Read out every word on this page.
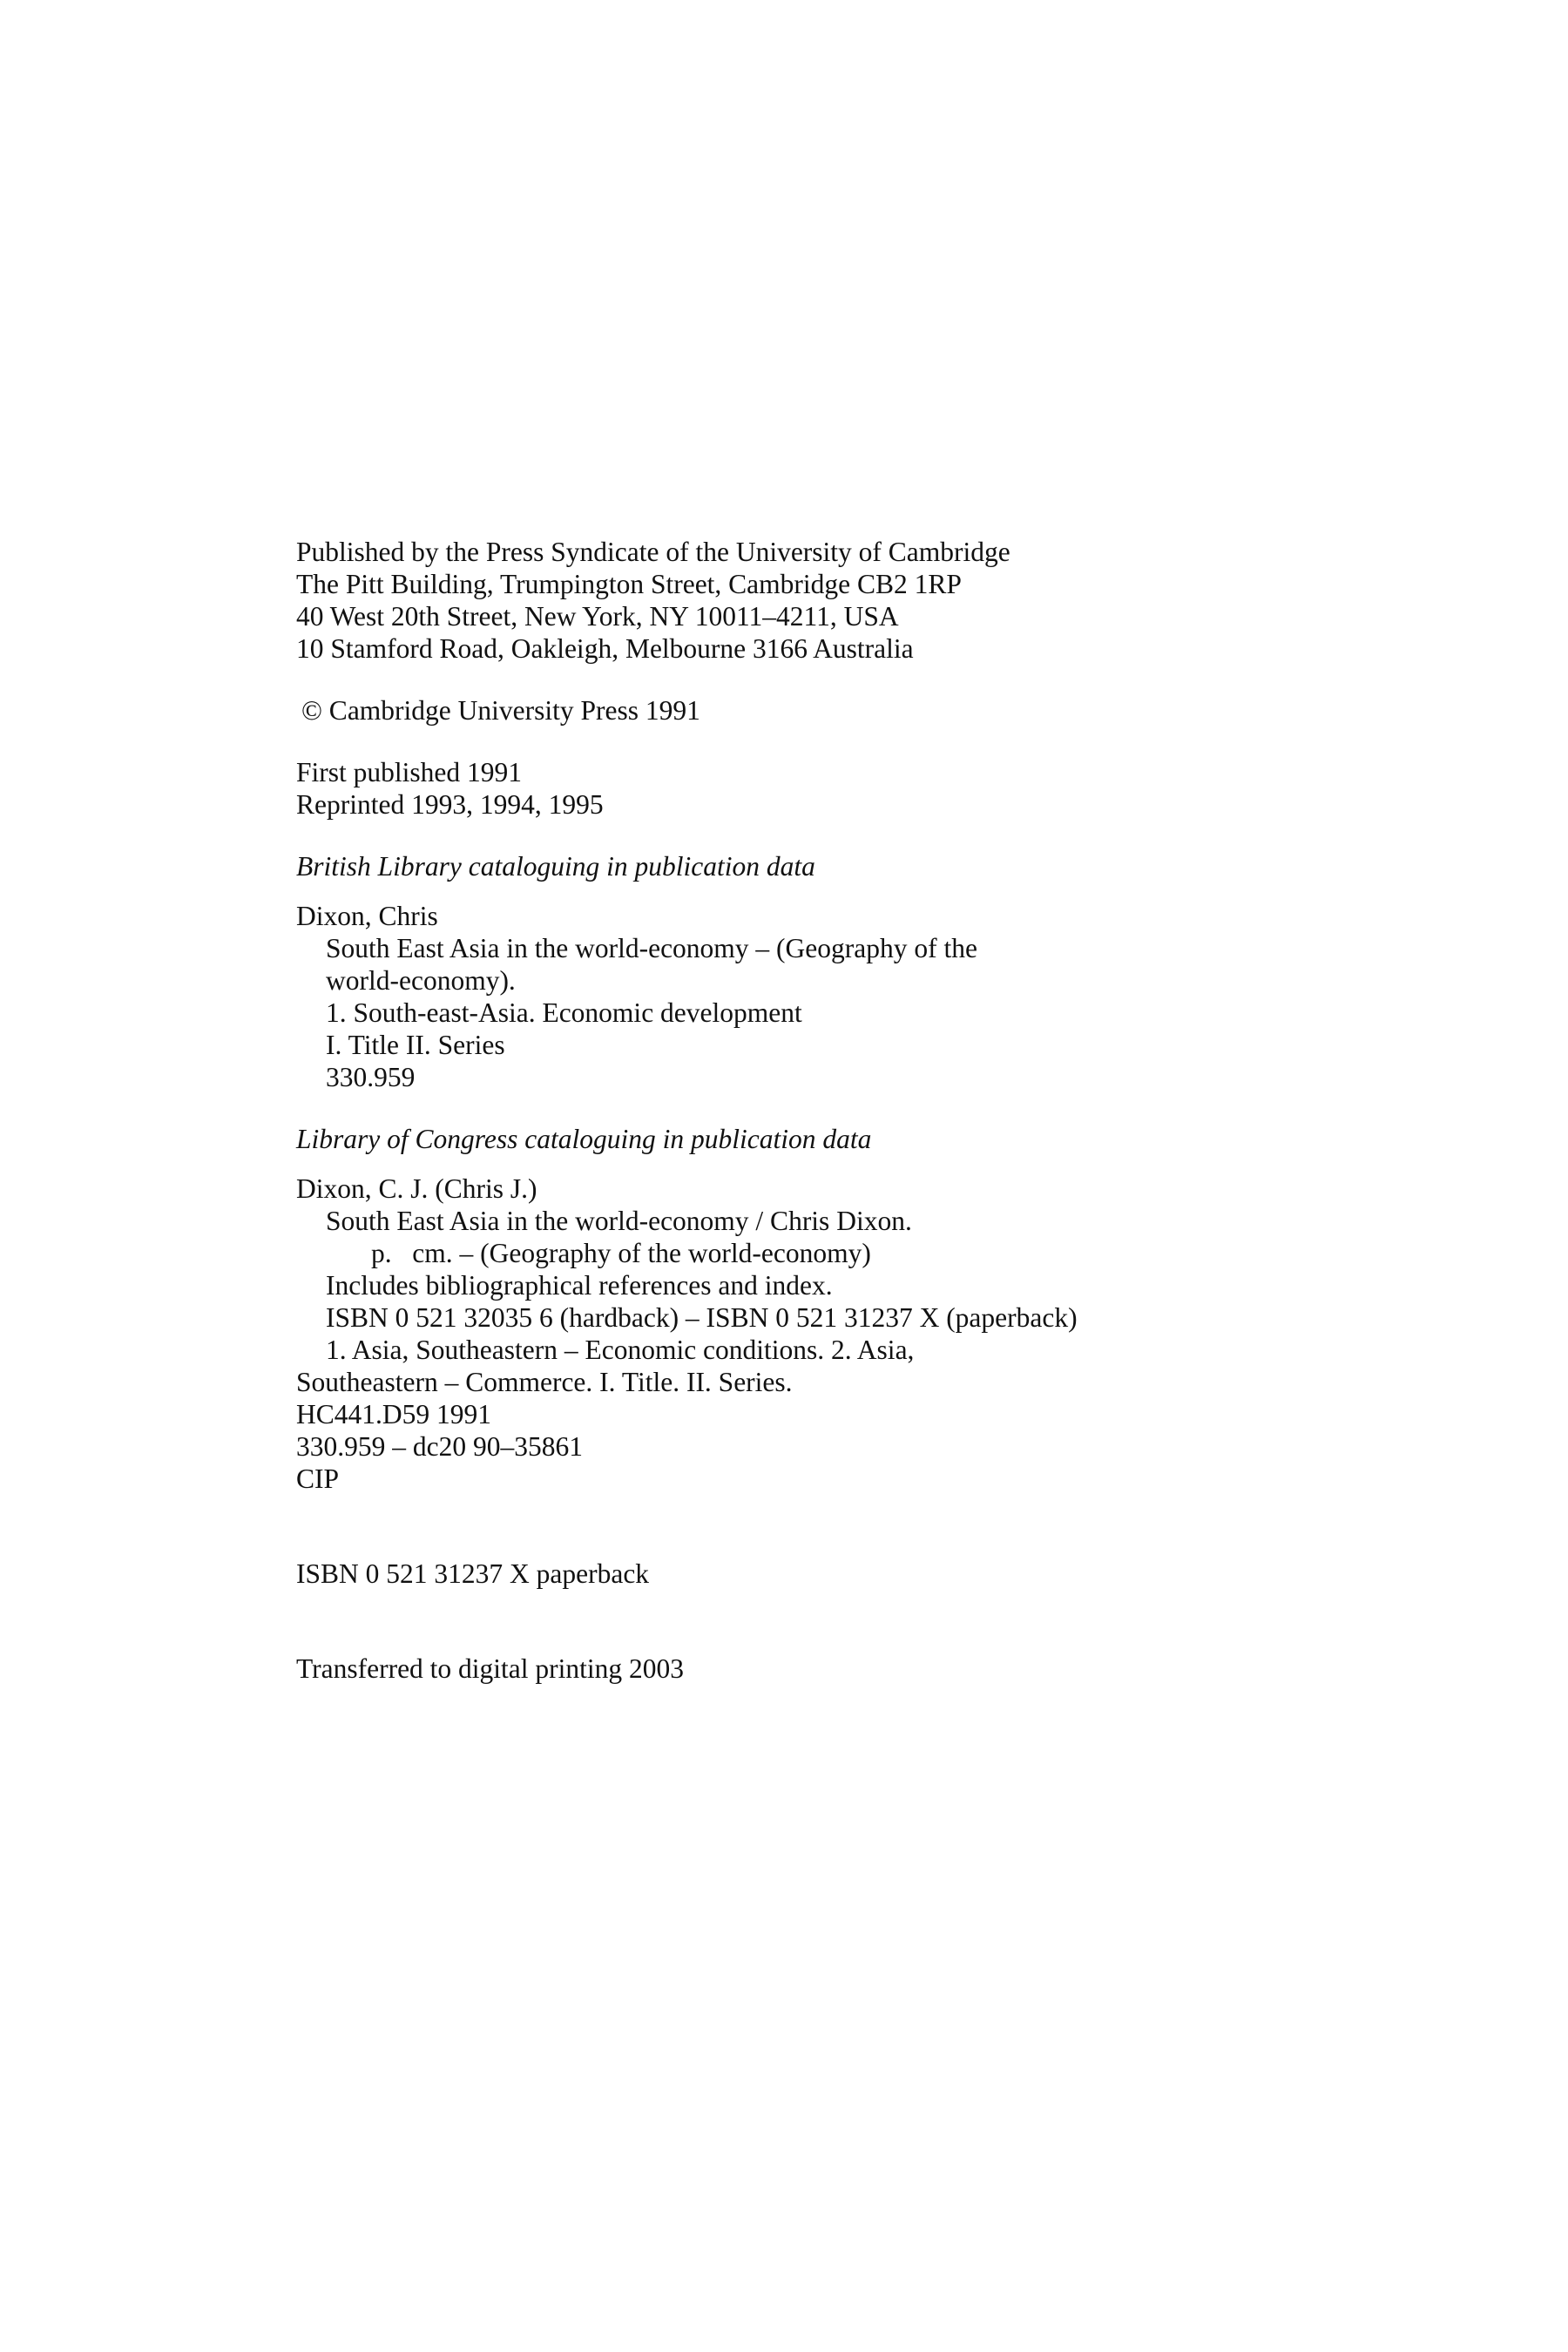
Published by the Press Syndicate of the University of Cambridge
The Pitt Building, Trumpington Street, Cambridge CB2 1RP
40 West 20th Street, New York, NY 10011–4211, USA
10 Stamford Road, Oakleigh, Melbourne 3166 Australia
© Cambridge University Press 1991
First published 1991
Reprinted 1993, 1994, 1995
British Library cataloguing in publication data
Dixon, Chris
South East Asia in the world-economy – (Geography of the
world-economy).
1. South-east-Asia. Economic development
I. Title II. Series
330.959
Library of Congress cataloguing in publication data
Dixon, C. J. (Chris J.)
South East Asia in the world-economy / Chris Dixon.
p.   cm. – (Geography of the world-economy)
Includes bibliographical references and index.
ISBN 0 521 32035 6 (hardback) – ISBN 0 521 31237 X (paperback)
1. Asia, Southeastern – Economic conditions. 2. Asia,
Southeastern – Commerce. I. Title. II. Series.
HC441.D59 1991
330.959 – dc20 90–35861
CIP
ISBN 0 521 31237 X paperback
Transferred to digital printing 2003
